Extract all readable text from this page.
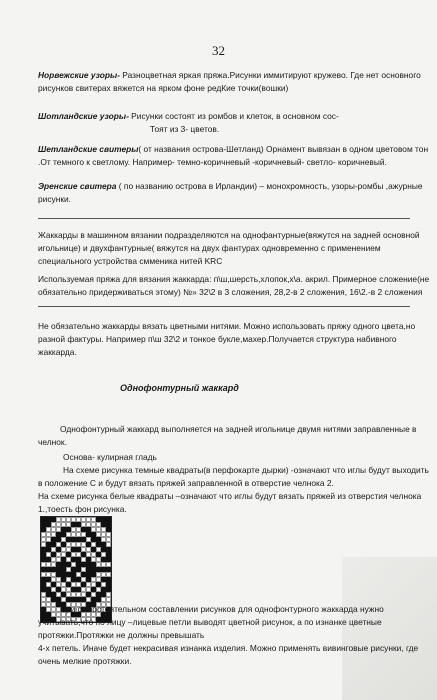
32
Норвежские узоры- Разноцветная яркая пряжа.Рисунки иммитируют кружево. Где нет основного
рисунков свитерах вяжется на ярком фоне редКие точки(вошки)
Шотландские узоры- Рисунки состоят из ромбов и клеток, в основном сос-
Тоят из 3- цветов.
Шетландские свитеры( от названия острова-Шетланд) Орнамент вывязан в одном цветовом тон
.От темного к светлому. Например- темно-коричневый -коричневый- светло- коричневый.
Эренские свитера ( по названию острова в Ирландии) – монохромность, узоры-ромбы ,ажурные
рисунки.
Жаккарды в машинном вязании подразделяются на однофантурные(вяжутся на задней основной
игольнице) и двухфантурные( вяжутся на двух фантурах одновременно с применением
специального устройства смменика нитей KRC
Используемая пряжа для вязания жаккарда: п\ш,шерсть,хлопок,х\а. акрил. Примерное сложение(не
обязательно придерживаться этому) №» 32\2 в 3 сложения, 28,2-в 2 сложения, 16\2.-в 2 сложения
Не обязательно жаккарды вязать цветными нитями. Можно использовать пряжу одного цвета,но
разной фактуры. Например п\ш 32\2 и тонкое букле,махер.Получается структура набивного
жаккарда.
Однофонтурный жаккард
Однофонтурный жаккард выполняется на задней игольнице двумя нитями заправленные в
челнок.
Основа- кулирная гладь
На схеме рисунка темные квадраты(в перфокарте дырки) -означают что иглы будут выходить
в положение С и будут вязать пряжей заправленной в отверстие челнока 2.
На схеме рисунка белые квадраты –означают что иглы будут вязать пряжей из отверстия челнока
1.,тоесть фон рисунка.
При самостоятельном составлении рисунков для однофонтурного жаккарда нужно
учитывать,что по лицу –лицевые петли выводят цветной рисунок, а по изнанке цветные
протяжки.Протяжки не должны превышать
4-х петель. Иначе будет некрасивая изнанка изделия. Можно применять вивинговые рисунки, где
очень мелкие протяжки.
